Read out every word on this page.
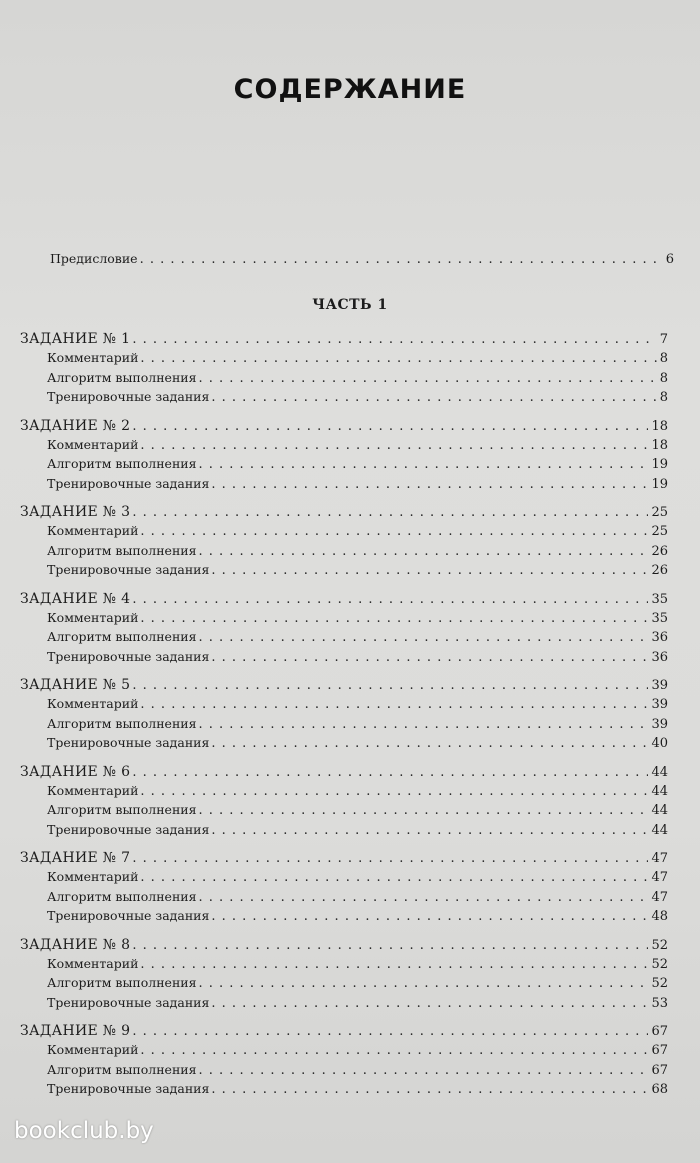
СОДЕРЖАНИЕ
Предисловие . . .	6
ЧАСТЬ 1
ЗАДАНИЕ № 1 . . .	7
Комментарий . . .	8
Алгоритм выполнения . . .	8
Тренировочные задания . . .	8
ЗАДАНИЕ № 2 . . .	18
Комментарий . . .	18
Алгоритм выполнения . . .	19
Тренировочные задания . . .	19
ЗАДАНИЕ № 3 . . .	25
Комментарий . . .	25
Алгоритм выполнения . . .	26
Тренировочные задания . . .	26
ЗАДАНИЕ № 4 . . .	35
Комментарий . . .	35
Алгоритм выполнения . . .	36
Тренировочные задания . . .	36
ЗАДАНИЕ № 5 . . .	39
Комментарий . . .	39
Алгоритм выполнения . . .	39
Тренировочные задания . . .	40
ЗАДАНИЕ № 6 . . .	44
Комментарий . . .	44
Алгоритм выполнения . . .	44
Тренировочные задания . . .	44
ЗАДАНИЕ № 7 . . .	47
Комментарий . . .	47
Алгоритм выполнения . . .	47
Тренировочные задания . . .	48
ЗАДАНИЕ № 8 . . .	52
Комментарий . . .	52
Алгоритм выполнения . . .	52
Тренировочные задания . . .	53
ЗАДАНИЕ № 9 . . .	67
Комментарий . . .	67
Алгоритм выполнения . . .	67
Тренировочные задания . . .	68
bookclub.by
